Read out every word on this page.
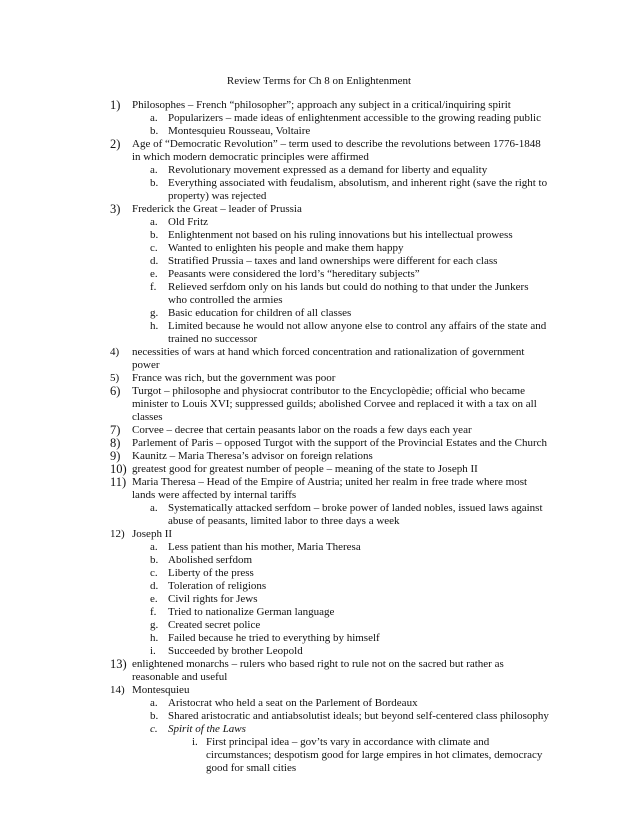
Review Terms for Ch 8 on Enlightenment
1) Philosophes – French “philosopher”; approach any subject in a critical/inquiring spirit
a. Popularizers – made ideas of enlightenment accessible to the growing reading public
b. Montesquieu Rousseau, Voltaire
2) Age of “Democratic Revolution” – term used to describe the revolutions between 1776-1848 in which modern democratic principles were affirmed
a. Revolutionary movement expressed as a demand for liberty and equality
b. Everything associated with feudalism, absolutism, and inherent right (save the right to property) was rejected
3) Frederick the Great – leader of Prussia
a. Old Fritz
b. Enlightenment not based on his ruling innovations but his intellectual prowess
c. Wanted to enlighten his people and make them happy
d. Stratified Prussia – taxes and land ownerships were different for each class
e. Peasants were considered the lord’s “hereditary subjects”
f. Relieved serfdom only on his lands but could do nothing to that under the Junkers who controlled the armies
g. Basic education for children of all classes
h. Limited because he would not allow anyone else to control any affairs of the state and trained no successor
4) necessities of wars at hand which forced concentration and rationalization of government power
5) France was rich, but the government was poor
6) Turgot – philosophe and physiocrat contributor to the Encyclopèdie; official who became minister to Louis XVI; suppressed guilds; abolished Corvee and replaced it with a tax on all classes
7) Corvee – decree that certain peasants labor on the roads a few days each year
8) Parlement of Paris – opposed Turgot with the support of the Provincial Estates and the Church
9) Kaunitz – Maria Theresa’s advisor on foreign relations
10) greatest good for greatest number of people – meaning of the state to Joseph II
11) Maria Theresa – Head of the Empire of Austria; united her realm in free trade where most lands were affected by internal tariffs
a. Systematically attacked serfdom – broke power of landed nobles, issued laws against abuse of peasants, limited labor to three days a week
12) Joseph II
a. Less patient than his mother, Maria Theresa
b. Abolished serfdom
c. Liberty of the press
d. Toleration of religions
e. Civil rights for Jews
f. Tried to nationalize German language
g. Created secret police
h. Failed because he tried to everything by himself
i. Succeeded by brother Leopold
13) enlightened monarchs – rulers who based right to rule not on the sacred but rather as reasonable and useful
14) Montesquieu
a. Aristocrat who held a seat on the Parlement of Bordeaux
b. Shared aristocratic and antiabsolutist ideals; but beyond self-centered class philosophy
c. Spirit of the Laws
i. First principal idea – gov’ts vary in accordance with climate and circumstances; despotism good for large empires in hot climates, democracy good for small cities
